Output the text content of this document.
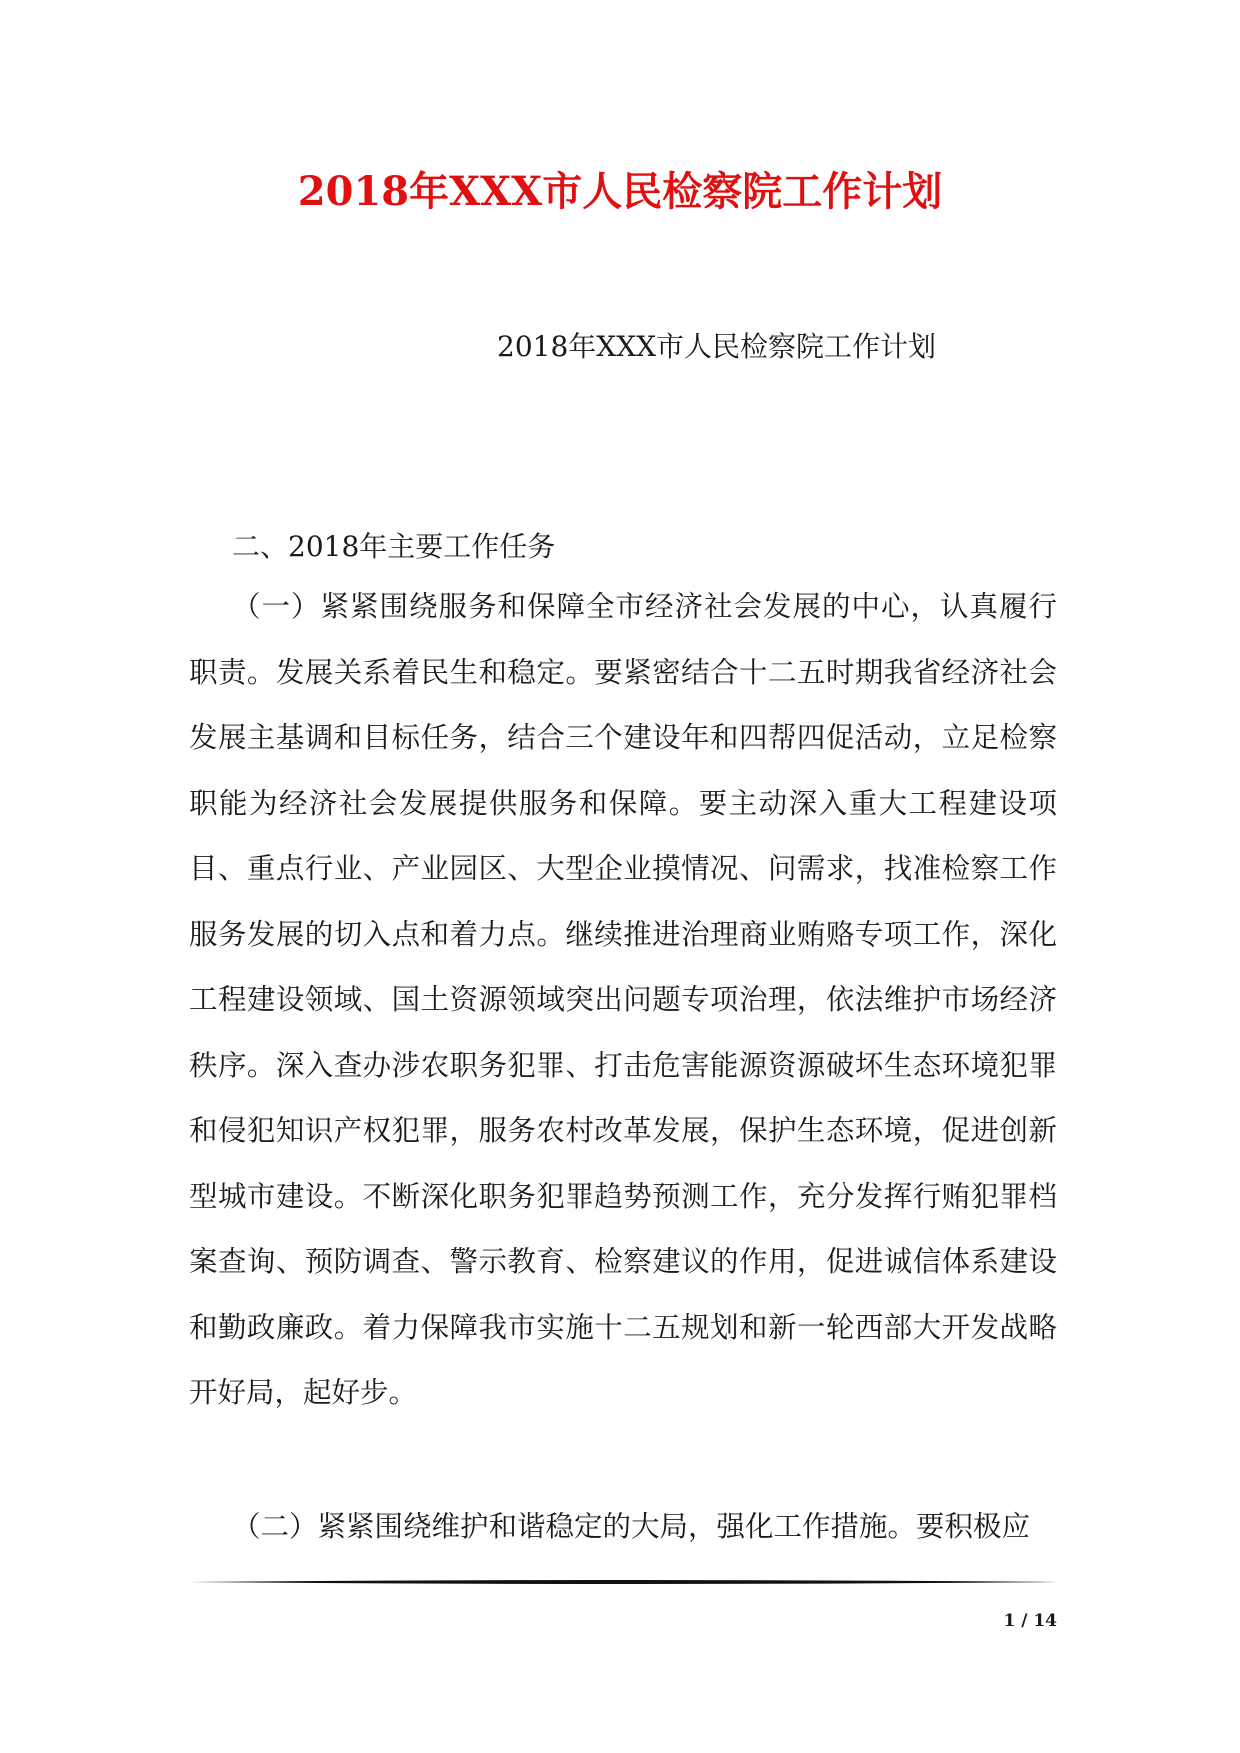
2018年XXX市人民检察院工作计划

2018年XXX市人民检察院工作计划

二、2018年主要工作任务

（一）紧紧围绕服务和保障全市经济社会发展的中心，认真履行职责。发展关系着民生和稳定。要紧密结合十二五时期我省经济社会发展主基调和目标任务，结合三个建设年和四帮四促活动，立足检察职能为经济社会发展提供服务和保障。要主动深入重大工程建设项目、重点行业、产业园区、大型企业摸情况、问需求，找准检察工作服务发展的切入点和着力点。继续推进治理商业贿赂专项工作，深化工程建设领域、国土资源领域突出问题专项治理，依法维护市场经济秩序。深入查办涉农职务犯罪、打击危害能源资源破坏生态环境犯罪和侵犯知识产权犯罪，服务农村改革发展，保护生态环境，促进创新型城市建设。不断深化职务犯罪趋势预测工作，充分发挥行贿犯罪档案查询、预防调查、警示教育、检察建议的作用，促进诚信体系建设和勤政廉政。着力保障我市实施十二五规划和新一轮西部大开发战略开好局，起好步。

（二）紧紧围绕维护和谐稳定的大局，强化工作措施。要积极应

1 / 14
